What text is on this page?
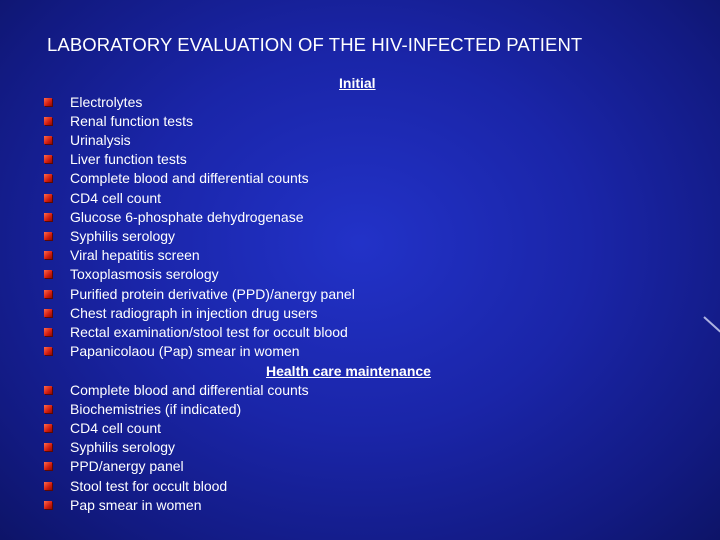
LABORATORY EVALUATION OF THE HIV-INFECTED PATIENT
Initial
Health care maintenance
Electrolytes
Renal function tests
Urinalysis
Liver function tests
Complete blood and differential counts
CD4 cell count
Glucose 6-phosphate dehydrogenase
Syphilis serology
Viral hepatitis screen
Toxoplasmosis serology
Purified protein derivative (PPD)/anergy panel
Chest radiograph in injection drug users
Rectal examination/stool test for occult blood
Papanicolaou (Pap) smear in women
Complete blood and differential counts
Biochemistries (if indicated)
CD4 cell count
Syphilis serology
PPD/anergy panel
Stool test for occult blood
Pap smear in women
